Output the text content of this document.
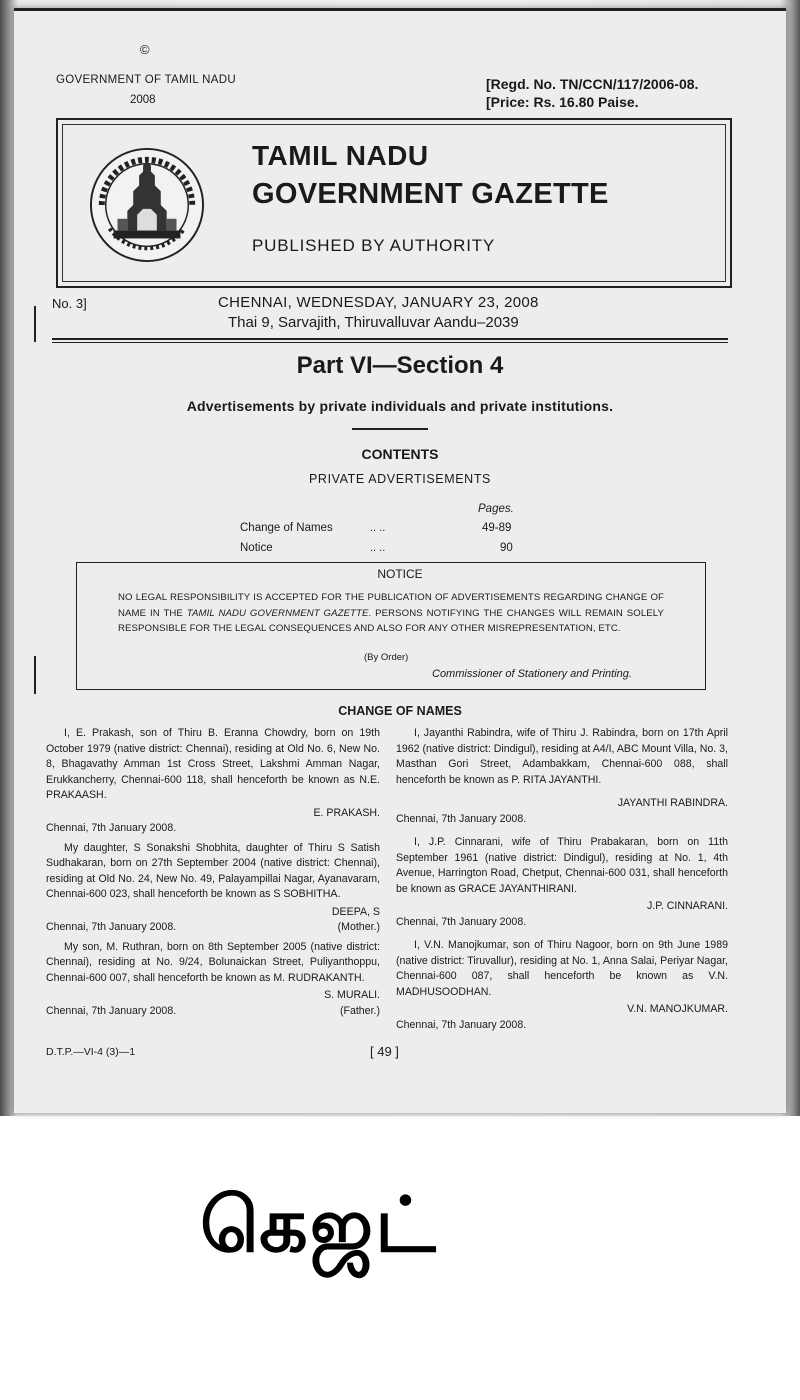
©
GOVERNMENT OF TAMIL NADU
2008
[Regd. No. TN/CCN/117/2006-08.
[Price: Rs. 16.80 Paise.
TAMIL NADU
GOVERNMENT GAZETTE
PUBLISHED BY AUTHORITY
No. 3]	CHENNAI, WEDNESDAY, JANUARY 23, 2008
Thai 9, Sarvajith, Thiruvalluvar Aandu–2039
Part VI—Section 4
Advertisements by private individuals and private institutions.
CONTENTS
PRIVATE ADVERTISEMENTS
Pages.
Change of Names	.. ..	49-89
Notice	.. ..	90
NOTICE
NO LEGAL RESPONSIBILITY IS ACCEPTED FOR THE PUBLICATION OF ADVERTISEMENTS REGARDING CHANGE OF NAME IN THE TAMIL NADU GOVERNMENT GAZETTE. PERSONS NOTIFYING THE CHANGES WILL REMAIN SOLELY RESPONSIBLE FOR THE LEGAL CONSEQUENCES AND ALSO FOR ANY OTHER MISREPRESENTATION, ETC.
(By Order)
Commissioner of Stationery and Printing.
CHANGE OF NAMES
I, E. Prakash, son of Thiru B. Eranna Chowdry, born on 19th October 1979 (native district: Chennai), residing at Old No. 6, New No. 8, Bhagavathy Amman 1st Cross Street, Lakshmi Amman Nagar, Erukkancherry, Chennai-600 118, shall henceforth be known as N.E. PRAKAASH.
E. PRAKASH.
Chennai, 7th January 2008.
My daughter, S Sonakshi Shobhita, daughter of Thiru S Satish Sudhakaran, born on 27th September 2004 (native district: Chennai), residing at Old No. 24, New No. 49, Palayampillai Nagar, Ayanavaram, Chennai-600 023, shall henceforth be known as S SOBHITHA.
DEEPA, S
Chennai, 7th January 2008.	(Mother.)
My son, M. Ruthran, born on 8th September 2005 (native district: Chennai), residing at No. 9/24, Bolunaickan Street, Puliyanthoppu, Chennai-600 007, shall henceforth be known as M. RUDRAKANTH.
S. MURALI.
Chennai, 7th January 2008.	(Father.)
I, Jayanthi Rabindra, wife of Thiru J. Rabindra, born on 17th April 1962 (native district: Dindigul), residing at A4/I, ABC Mount Villa, No. 3, Masthan Gori Street, Adambakkam, Chennai-600 088, shall henceforth be known as P. RITA JAYANTHI.
JAYANTHI RABINDRA.
Chennai, 7th January 2008.
I, J.P. Cinnarani, wife of Thiru Prabakaran, born on 11th September 1961 (native district: Dindigul), residing at No. 1, 4th Avenue, Harrington Road, Chetput, Chennai-600 031, shall henceforth be known as GRACE JAYANTHIRANI.
J.P. CINNARANI.
Chennai, 7th January 2008.
I, V.N. Manojkumar, son of Thiru Nagoor, born on 9th June 1989 (native district: Tiruvallur), residing at No. 1, Anna Salai, Periyar Nagar, Chennai-600 087, shall henceforth be known as V.N. MADHUSOODHAN.
V.N. MANOJKUMAR.
Chennai, 7th January 2008.
D.T.P.—VI-4 (3)—1	[ 49 ]
கெஜட்
